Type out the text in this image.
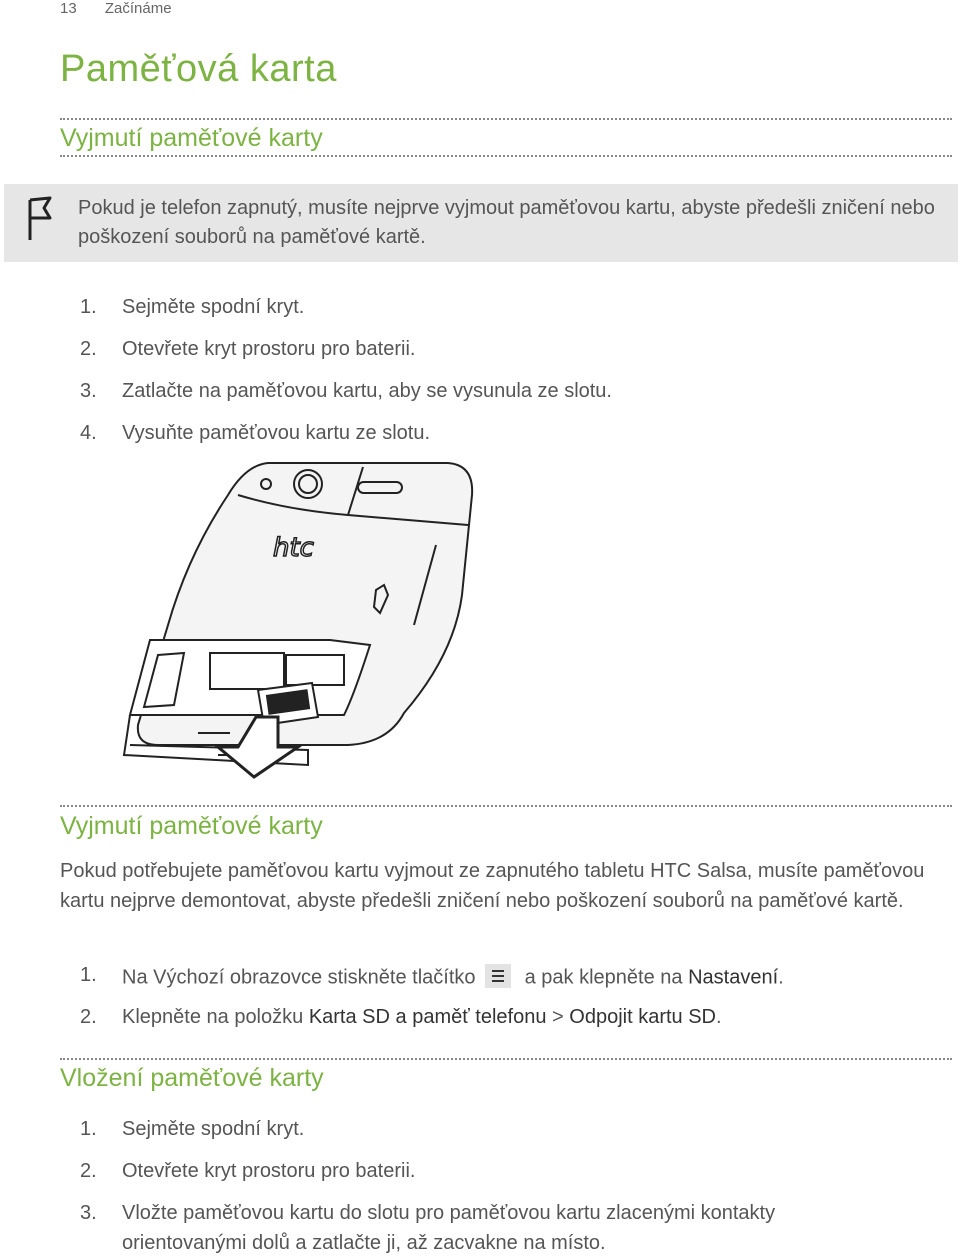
13 Začínáme
Paměťová karta
Vyjmutí paměťové karty
Pokud je telefon zapnutý, musíte nejprve vyjmout paměťovou kartu, abyste předešli zničení nebo poškození souborů na paměťové kartě.
1.	Sejměte spodní kryt.
2.	Otevřete kryt prostoru pro baterii.
3.	Zatlačte na paměťovou kartu, aby se vysunula ze slotu.
4.	Vysuňte paměťovou kartu ze slotu.
htc
Vyjmutí paměťové karty
Pokud potřebujete paměťovou kartu vyjmout ze zapnutého tabletu HTC Salsa, musíte paměťovou kartu nejprve demontovat, abyste předešli zničení nebo poškození souborů na paměťové kartě.
1.	Na Výchozí obrazovce stiskněte tlačítko a pak klepněte na Nastavení.
2.	Klepněte na položku Karta SD a paměť telefonu > Odpojit kartu SD.
Vložení paměťové karty
1.	Sejměte spodní kryt.
2.	Otevřete kryt prostoru pro baterii.
3.	Vložte paměťovou kartu do slotu pro paměťovou kartu zlacenými kontakty
orientovanými dolů a zatlačte ji, až zacvakne na místo.
